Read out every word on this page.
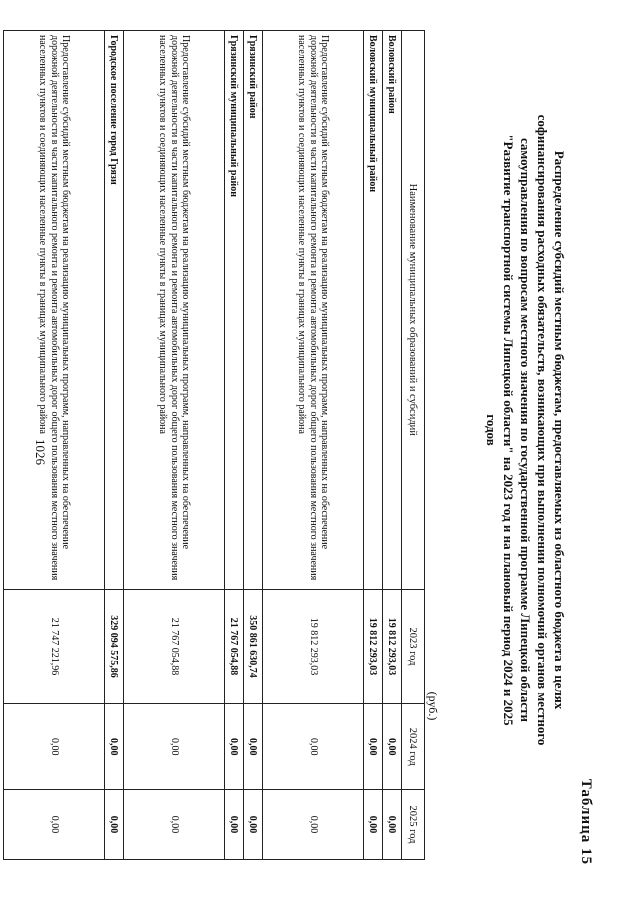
1026
Таблица 15
Распределение субсидий местным бюджетам, предоставляемых из областного бюджета в целях
софинансирования расходных обязательств, возникающих при выполнении полномочий органов местного
самоуправления по вопросам местного значения по государственной программе Липецкой области
"Развитие транспортной системы Липецкой области" на 2023 год и на плановый период 2024 и 2025
годов
(руб.)
Наименование муниципальных образований и субсидий	2023 год	2024 год	2025 год
Воловский район	19 812 293,03	0,00	0,00
Воловский муниципальный район	19 812 293,03	0,00	0,00
Предоставление субсидий местным бюджетам на реализацию муниципальных программ, направленных на обеспечение дорожной деятельности в части капитального ремонта и ремонта автомобильных дорог общего пользования местного значения населенных пунктов и соединяющих населенные пункты в границах муниципального района	19 812 293,03	0,00	0,00
Грязинский район	350 861 630,74	0,00	0,00
Грязинский муниципальный район	21 767 054,88	0,00	0,00
Предоставление субсидий местным бюджетам на реализацию муниципальных программ, направленных на обеспечение дорожной деятельности в части капитального ремонта и ремонта автомобильных дорог общего пользования местного значения населенных пунктов и соединяющих населенные пункты в границах муниципального района	21 767 054,88	0,00	0,00
Городское поселение город Грязи	329 094 575,86	0,00	0,00
Предоставление субсидий местным бюджетам на реализацию муниципальных программ, направленных на обеспечение дорожной деятельности в части капитального ремонта и ремонта автомобильных дорог общего пользования местного значения населенных пунктов и соединяющих населенные пункты в границах муниципального района	21 747 221,96	0,00	0,00
